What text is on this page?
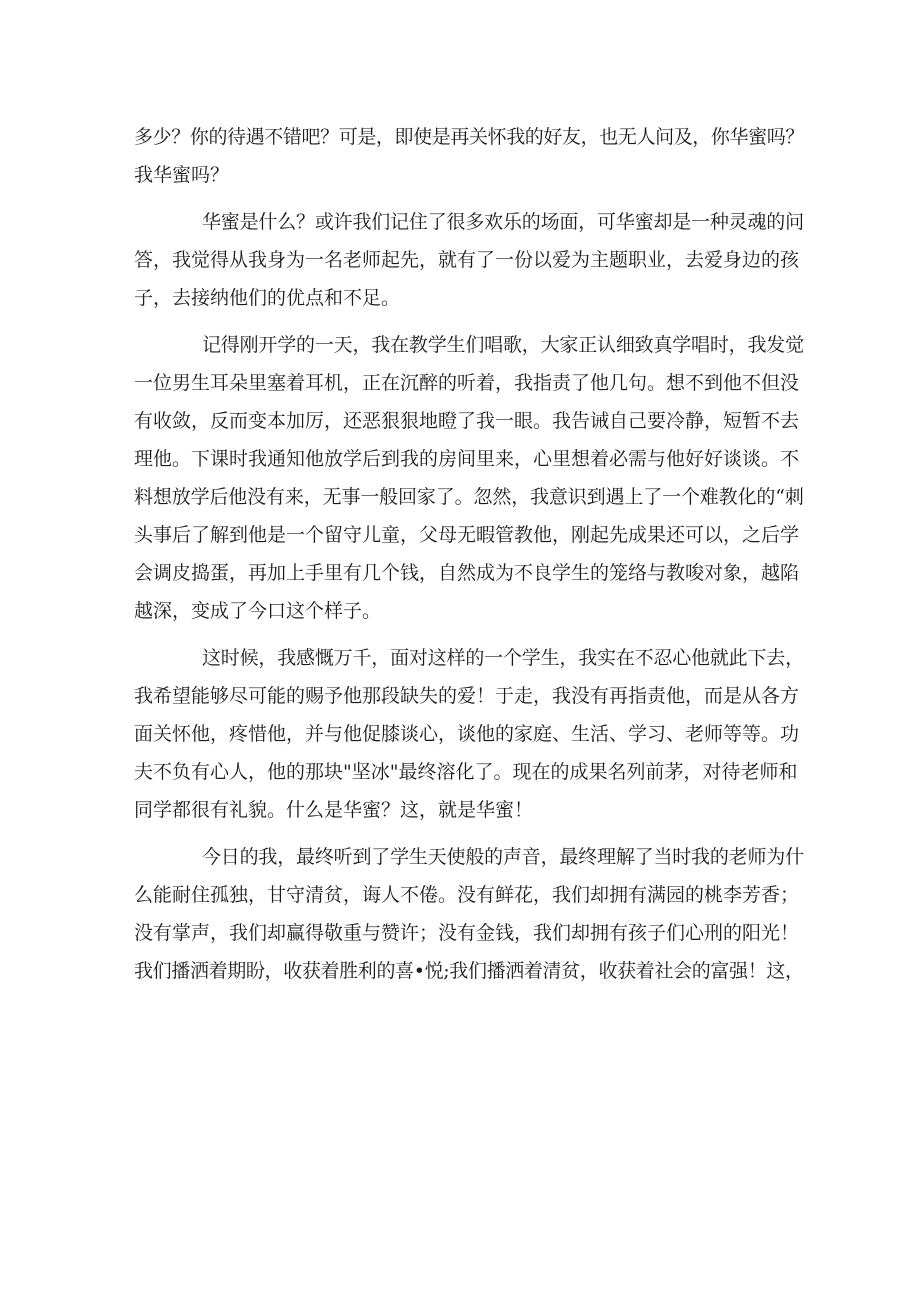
多少？你的待遇不错吧？可是，即使是再关怀我的好友，也无人问及，你华蜜吗？
我华蜜吗？
华蜜是什么？或许我们记住了很多欢乐的场面，可华蜜却是一种灵魂的问
答，我觉得从我身为一名老师起先，就有了一份以爱为主题职业，去爱身边的孩
子，去接纳他们的优点和不足。
记得刚开学的一天，我在教学生们唱歌，大家正认细致真学唱时，我发觉
一位男生耳朵里塞着耳机，正在沉醉的听着，我指责了他几句。想不到他不但没
有收敛，反而变本加厉，还恶狠狠地瞪了我一眼。我告诫自己要冷静，短暂不去
理他。下课时我通知他放学后到我的房间里来，心里想着必需与他好好谈谈。不
料想放学后他没有来，无事一般回家了。忽然，我意识到遇上了一个难教化的“刺
头事后了解到他是一个留守儿童，父母无暇管教他，刚起先成果还可以，之后学
会调皮捣蛋，再加上手里有几个钱，自然成为不良学生的笼络与教唆对象，越陷
越深，变成了今口这个样子。
这时候，我感慨万千，面对这样的一个学生，我实在不忍心他就此下去，
我希望能够尽可能的赐予他那段缺失的爱！于走，我没有再指责他，而是从各方
面关怀他，疼惜他，并与他促膝谈心，谈他的家庭、生活、学习、老师等等。功
夫不负有心人，他的那块"坚冰"最终溶化了。现在的成果名列前茅，对待老师和
同学都很有礼貌。什么是华蜜？这，就是华蜜！
今日的我，最终听到了学生天使般的声音，最终理解了当时我的老师为什
么能耐住孤独，甘守清贫，诲人不倦。没有鲜花，我们却拥有满园的桃李芳香；
没有掌声，我们却赢得敬重与赞许；没有金钱，我们却拥有孩子们心刑的阳光！
我们播洒着期盼，收获着胜利的喜•悦;我们播洒着清贫，收获着社会的富强！这，
